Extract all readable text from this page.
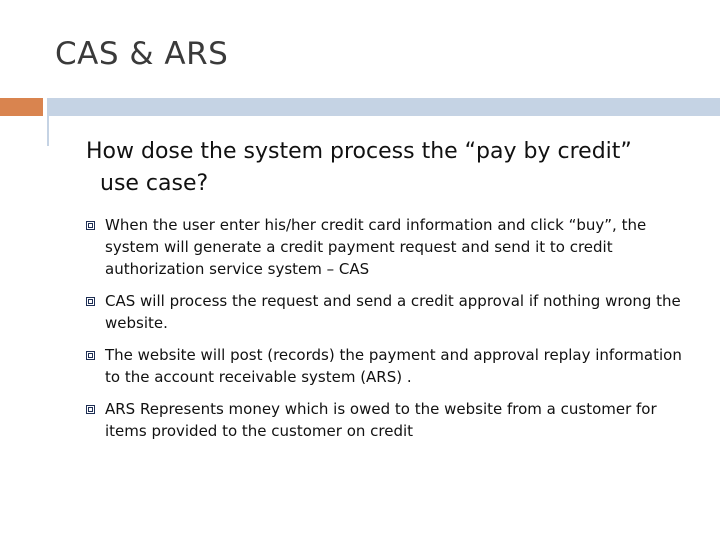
CAS & ARS
How dose the system process the “pay by credit”
use case?
When the user enter his/her credit card information and click “buy”, the system will generate a credit payment request and send it to credit authorization service system – CAS
CAS will process the request and send a credit approval if nothing wrong the website.
The website will post (records) the payment and approval replay information to the account receivable system (ARS) .
ARS Represents money which is owed to the website from a customer for items provided to the customer on credit
